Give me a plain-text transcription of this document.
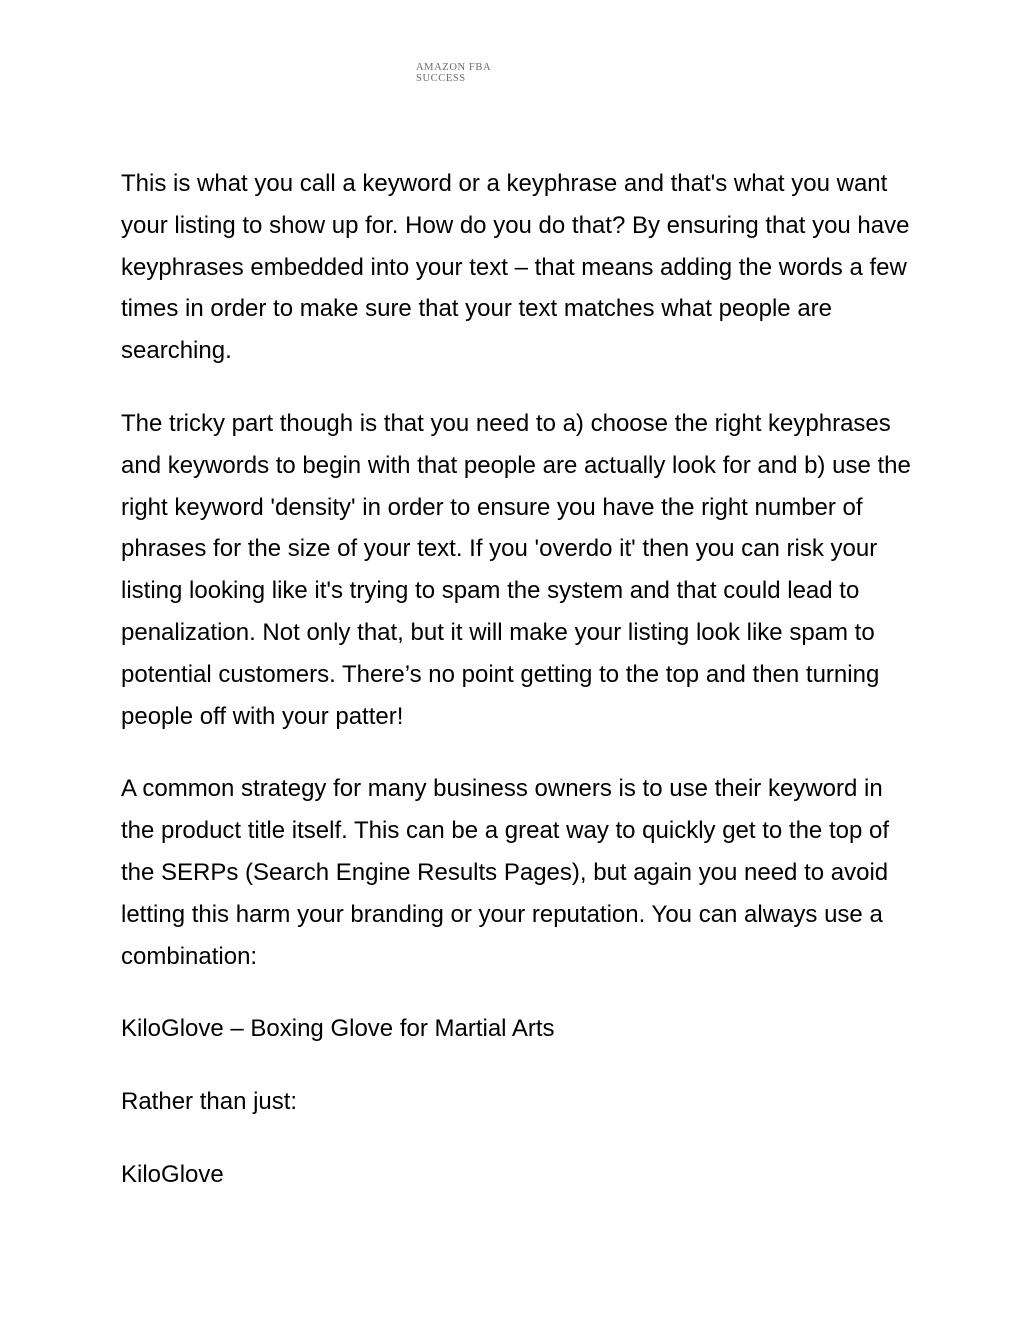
AMAZON FBA
SUCCESS

This is what you call a keyword or a keyphrase and that's what you want your listing to show up for. How do you do that? By ensuring that you have keyphrases embedded into your text – that means adding the words a few times in order to make sure that your text matches what people are searching.

The tricky part though is that you need to a) choose the right keyphrases and keywords to begin with that people are actually look for and b) use the right keyword 'density' in order to ensure you have the right number of phrases for the size of your text. If you 'overdo it' then you can risk your listing looking like it's trying to spam the system and that could lead to penalization. Not only that, but it will make your listing look like spam to potential customers. There’s no point getting to the top and then turning people off with your patter!

A common strategy for many business owners is to use their keyword in the product title itself. This can be a great way to quickly get to the top of the SERPs (Search Engine Results Pages), but again you need to avoid letting this harm your branding or your reputation. You can always use a combination:

KiloGlove – Boxing Glove for Martial Arts

Rather than just:

KiloGlove
